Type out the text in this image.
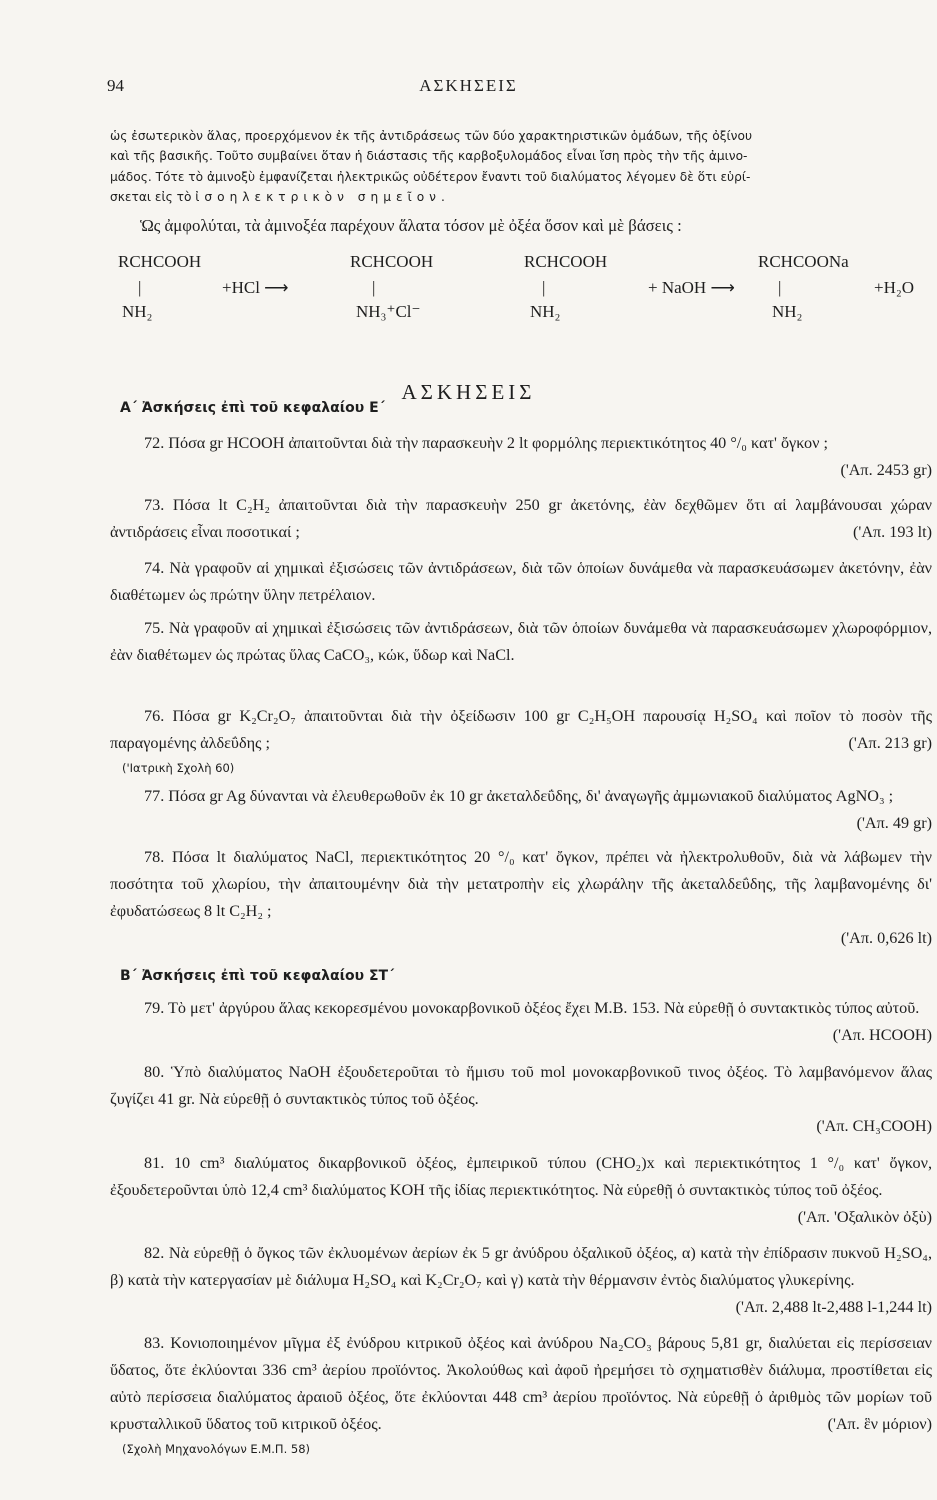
94	ΑΣΚΗΣΕΙΣ

ὡς ἐσωτερικὸν ἅλας, προερχόμενον ἐκ τῆς ἀντιδράσεως τῶν δύο χαρακτηριστικῶν ὁμάδων, τῆς ὀξίνου

καὶ τῆς βασικῆς. Τοῦτο συμβαίνει ὅταν ἡ διάστασις τῆς καρβοξυλομάδος εἶναι ἴση πρὸς τὴν τῆς ἀμινο-

μάδος. Τότε τὸ ἀμινοξὺ ἐμφανίζεται ἠλεκτρικῶς οὐδέτερον ἔναντι τοῦ διαλύματος λέγομεν δὲ ὅτι εὑρί-

σκεται εἰς τὸ ἰσοηλεκτρικὸν σημεῖον.

Ὡς ἀμφολύται, τὰ ἀμινοξέα παρέχουν ἅλατα τόσον μὲ ὀξέα ὅσον καὶ μὲ βάσεις :
RCHCOOH
|
NH₂
+HCl ⟶
RCHCOOH
|
NH₃⁺Cl⁻
RCHCOOH
|
NH₂
+ NaOH ⟶
RCHCOONa
|
NH₂
+H₂O
ΑΣΚΗΣΕΙΣ
Α΄ Ἀσκήσεις ἐπὶ τοῦ κεφαλαίου Ε΄

72. Πόσα gr HCOOH ἀπαιτοῦνται διὰ τὴν παρασκευὴν 2 lt φορμόλης περιεκτικότητος 40 °/₀ κατ' ὄγκον ;
('Απ. 2453 gr)

73. Πόσα lt C₂H₂ ἀπαιτοῦνται διὰ τὴν παρασκευὴν 250 gr ἀκετόνης, ἐὰν δεχθῶμεν ὅτι αἱ λαμβάνουσαι χώραν ἀντιδράσεις εἶναι ποσοτικαί ;	('Απ. 193 lt)

74. Νὰ γραφοῦν αἱ χημικαὶ ἐξισώσεις τῶν ἀντιδράσεων, διὰ τῶν ὁποίων δυνάμεθα νὰ παρασκευάσωμεν ἀκετόνην, ἐὰν διαθέτωμεν ὡς πρώτην ὕλην πετρέλαιον.

75. Νὰ γραφοῦν αἱ χημικαὶ ἐξισώσεις τῶν ἀντιδράσεων, διὰ τῶν ὁποίων δυνάμεθα νὰ παρασκευάσωμεν χλωροφόρμιον, ἐὰν διαθέτωμεν ὡς πρώτας ὕλας CaCO₃, κώκ, ὕδωρ καὶ NaCl.

76. Πόσα gr K₂Cr₂O₇ ἀπαιτοῦνται διὰ τὴν ὀξείδωσιν 100 gr C₂H₅OH παρουσίᾳ H₂SO₄ καὶ ποῖον τὸ ποσὸν τῆς παραγομένης ἀλδεΰδης ;	('Απ. 213 gr)

('Ιατρικὴ Σχολὴ 60)

77. Πόσα gr Ag δύνανται νὰ ἐλευθερωθοῦν ἐκ 10 gr ἀκεταλδεΰδης, δι' ἀναγωγῆς ἀμμωνιακοῦ διαλύματος AgNO₃ ;
('Απ. 49 gr)

78. Πόσα lt διαλύματος NaCl, περιεκτικότητος 20 °/₀ κατ' ὄγκον, πρέπει νὰ ἠλεκτρολυθοῦν, διὰ νὰ λάβωμεν τὴν ποσότητα τοῦ χλωρίου, τὴν ἀπαιτουμένην διὰ τὴν μετατροπὴν εἰς χλωράλην τῆς ἀκεταλδεΰδης, τῆς λαμβανομένης δι' ἐφυδατώσεως 8 lt C₂H₂ ;

('Απ. 0,626 lt)
Β΄ Ἀσκήσεις ἐπὶ τοῦ κεφαλαίου ΣΤ΄

79. Τὸ μετ' ἀργύρου ἅλας κεκορεσμένου μονοκαρβονικοῦ ὀξέος ἔχει Μ.Β. 153. Νὰ εὑρεθῇ ὁ συντακτικὸς τύπος αὐτοῦ.
('Απ. HCOOH)

80. Ὑπὸ διαλύματος NaOH ἐξουδετεροῦται τὸ ἥμισυ τοῦ mol μονοκαρβονικοῦ τινος ὀξέος. Τὸ λαμβανόμενον ἅλας ζυγίζει 41 gr. Νὰ εὑρεθῇ ὁ συντακτικὸς τύπος τοῦ ὀξέος.

('Απ. CH₃COOH)

81. 10 cm³ διαλύματος δικαρβονικοῦ ὀξέος, ἐμπειρικοῦ τύπου (CHO₂)x καὶ περιεκτικότητος 1 °/₀ κατ' ὄγκον, ἐξουδετεροῦνται ὑπὸ 12,4 cm³ διαλύματος KOH τῆς ἰδίας περιεκτικότητος. Νὰ εὑρεθῇ ὁ συντακτικὸς τύπος τοῦ ὀξέος.
('Απ. 'Οξαλικὸν ὀξὺ)

82. Νὰ εὑρεθῇ ὁ ὄγκος τῶν ἐκλυομένων ἀερίων ἐκ 5 gr ἀνύδρου ὀξαλικοῦ ὀξέος, α) κατὰ τὴν ἐπίδρασιν πυκνοῦ H₂SO₄, β) κατὰ τὴν κατεργασίαν μὲ διάλυμα H₂SO₄ καὶ K₂Cr₂O₇ καὶ γ) κατὰ τὴν θέρμανσιν ἐντὸς διαλύματος γλυκερίνης.
('Απ. 2,488 lt-2,488 l-1,244 lt)

83. Κονιοποιημένον μῖγμα ἐξ ἐνύδρου κιτρικοῦ ὀξέος καὶ ἀνύδρου Na₂CO₃ βάρους 5,81 gr, διαλύεται εἰς περίσσειαν ὕδατος, ὅτε ἐκλύονται 336 cm³ ἀερίου προϊόντος. Ἀκολούθως καὶ ἀφοῦ ἠρεμήσει τὸ σχηματισθὲν διάλυμα, προστίθεται εἰς αὐτὸ περίσσεια διαλύματος ἀραιοῦ ὀξέος, ὅτε ἐκλύονται 448 cm³ ἀερίου προϊόντος. Νὰ εὑρεθῇ ὁ ἀριθμὸς τῶν μορίων τοῦ κρυσταλλικοῦ ὕδατος τοῦ κιτρικοῦ ὀξέος.	('Απ. ἓν μόριον)

(Σχολὴ Μηχανολόγων Ε.Μ.Π. 58)
